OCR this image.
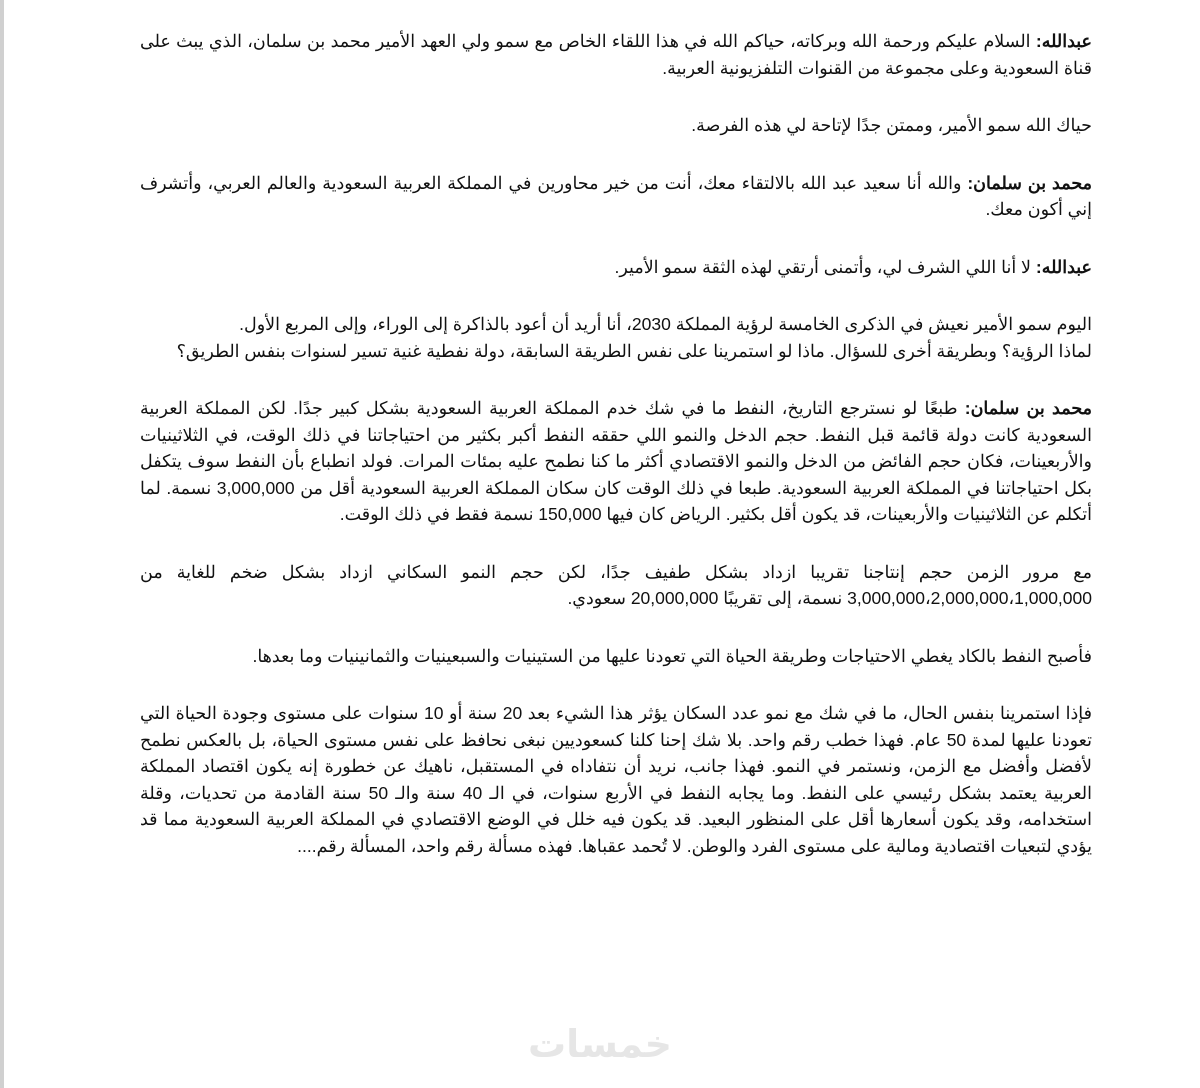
عبدالله: السلام عليكم ورحمة الله وبركاته، حياكم الله في هذا اللقاء الخاص مع سمو ولي العهد الأمير محمد بن سلمان، الذي يبث على قناة السعودية وعلى مجموعة من القنوات التلفزيونية العربية.

حياك الله سمو الأمير، وممتن جدًا لإتاحة لي هذه الفرصة.

محمد بن سلمان: والله أنا سعيد عبد الله بالالتقاء معك، أنت من خير محاورين في المملكة العربية السعودية والعالم العربي، وأتشرف إني أكون معك.

عبدالله: لا أنا اللي الشرف لي، وأتمنى أرتقي لهذه الثقة سمو الأمير.

اليوم سمو الأمير نعيش في الذكرى الخامسة لرؤية المملكة 2030، أنا أريد أن أعود بالذاكرة إلى الوراء، وإلى المربع الأول.
لماذا الرؤية؟ وبطريقة أخرى للسؤال. ماذا لو استمرينا على نفس الطريقة السابقة، دولة نفطية غنية تسير لسنوات بنفس الطريق؟

محمد بن سلمان: طبعًا لو نسترجع التاريخ، النفط ما في شك خدم المملكة العربية السعودية بشكل كبير جدًا. لكن المملكة العربية السعودية كانت دولة قائمة قبل النفط. حجم الدخل والنمو اللي حققه النفط أكبر بكثير من احتياجاتنا في ذلك الوقت، في الثلاثينيات والأربعينات، فكان حجم الفائض من الدخل والنمو الاقتصادي أكثر ما كنا نطمح عليه بمئات المرات. فولد انطباع بأن النفط سوف يتكفل بكل احتياجاتنا في المملكة العربية السعودية. طبعا في ذلك الوقت كان سكان المملكة العربية السعودية أقل من 3,000,000 نسمة. لما أتكلم عن الثلاثينيات والأربعينات، قد يكون أقل بكثير. الرياض كان فيها 150,000 نسمة فقط في ذلك الوقت.

مع مرور الزمن حجم إنتاجنا تقريبا ازداد بشكل طفيف جدًا، لكن حجم النمو السكاني ازداد بشكل ضخم للغاية من 3,000,000،2,000,000،1,000,000 نسمة، إلى تقريبًا 20,000,000 سعودي.

فأصبح النفط بالكاد يغطي الاحتياجات وطريقة الحياة التي تعودنا عليها من الستينيات والسبعينيات والثمانينيات وما بعدها.

فإذا استمرينا بنفس الحال، ما في شك مع نمو عدد السكان يؤثر هذا الشيء بعد 20 سنة أو 10 سنوات على مستوى وجودة الحياة التي تعودنا عليها لمدة 50 عام. فهذا خطب رقم واحد. بلا شك إحنا كلنا كسعوديين نبغى نحافظ على نفس مستوى الحياة، بل بالعكس نطمح لأفضل وأفضل مع الزمن، ونستمر في النمو. فهذا جانب، نريد أن نتفاداه في المستقبل، ناهيك عن خطورة إنه يكون اقتصاد المملكة العربية يعتمد بشكل رئيسي على النفط. وما يجابه النفط في الأربع سنوات، في الـ 40 سنة والـ 50 سنة القادمة من تحديات، وقلة استخدامه، وقد يكون أسعارها أقل على المنظور البعيد. قد يكون فيه خلل في الوضع الاقتصادي في المملكة العربية السعودية مما قد يؤدي لتبعيات اقتصادية ومالية على مستوى الفرد والوطن. لا تُحمد عقباها. فهذه مسألة رقم واحد، المسألة رقم....

خمسات
